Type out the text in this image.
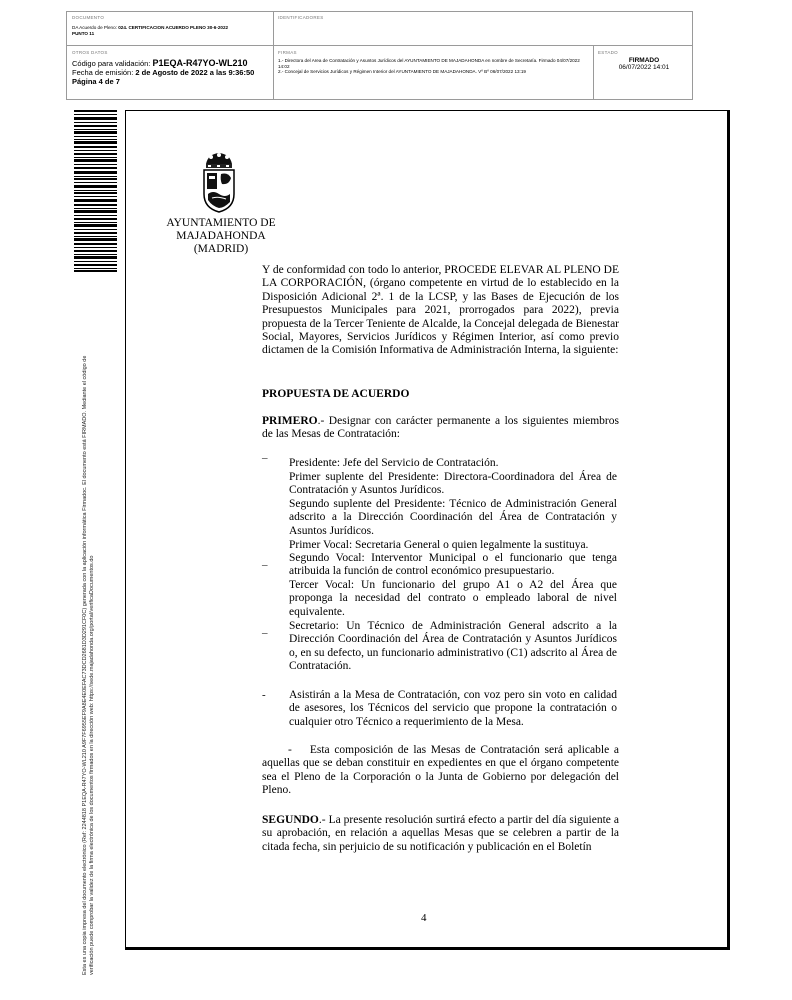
DOCUMENTO
DA Acuerdo de Pleno: 024. CERTIFICACION ACUERDO PLENO 30-6-2022
PUNTO 11
IDENTIFICADORES
OTROS DATOS
Código para validación: P1EQA-R47YO-WL210
Fecha de emisión: 2 de Agosto de 2022 a las 9:36:50
Página 4 de 7
FIRMAS
1.- Directora del Area de Contratación y Asuntos Jurídicos del AYUNTAMIENTO DE MAJADAHONDA en nombre de Secretaría. Firmado 04/07/2022 14:02
2.- Concejal de Servicios Jurídicos y Régimen Interior del AYUNTAMIENTO DE MAJADAHONDA. Vº Bº 06/07/2022 13:19
ESTADO
FIRMADO
06/07/2022 14:01
Esta es una copia impresa del documento electrónico (Ref: 2244818 P1EQA-R47YO-WL210 A9F7F6955EF9A8E4E0EFAC73DCD2681D3D291CF0C) generada con la aplicación informática Firmadoc. El documento está FIRMADO. Mediante el código de verificación puede comprobar la validez de la firma electrónica de los documentos firmados en la dirección web: https://sede.majadahonda.org/portal/verificaDocumentos.do
AYUNTAMIENTO DE
MAJADAHONDA
(MADRID)
Y de conformidad con todo lo anterior, PROCEDE ELEVAR AL PLENO DE LA CORPORACIÓN, (órgano competente en virtud de lo establecido en la Disposición Adicional 2ª. 1 de la LCSP, y las Bases de Ejecución de los Presupuestos Municipales para 2021, prorrogados para 2022), previa propuesta de la Tercer Teniente de Alcalde, la Concejal delegada de Bienestar Social, Mayores, Servicios Jurídicos y Régimen Interior, así como previo dictamen de la Comisión Informativa de Administración Interna, la siguiente:
PROPUESTA DE ACUERDO
PRIMERO.- Designar con carácter permanente a los siguientes miembros de las Mesas de Contratación:
_
Presidente: Jefe del Servicio de Contratación.
Primer suplente del Presidente: Directora-Coordinadora del Área de Contratación y Asuntos Jurídicos.
Segundo suplente del Presidente: Técnico de Administración General adscrito a la Dirección Coordinación del Área de Contratación y Asuntos Jurídicos.
Primer Vocal: Secretaria General o quien legalmente la sustituya.
_ Segundo Vocal: Interventor Municipal o el funcionario que tenga atribuida la función de control económico presupuestario.
Tercer Vocal: Un funcionario del grupo A1 o A2 del Área que proponga la necesidad del contrato o empleado laboral de nivel equivalente.
_ Secretario: Un Técnico de Administración General adscrito a la Dirección Coordinación del Área de Contratación y Asuntos Jurídicos o, en su defecto, un funcionario administrativo (C1) adscrito al Área de Contratación.
- Asistirán a la Mesa de Contratación, con voz pero sin voto en calidad de asesores, los Técnicos del servicio que propone la contratación o cualquier otro Técnico a requerimiento de la Mesa.
- Esta composición de las Mesas de Contratación será aplicable a aquellas que se deban constituir en expedientes en que el órgano competente sea el Pleno de la Corporación o la Junta de Gobierno por delegación del Pleno.
SEGUNDO.- La presente resolución surtirá efecto a partir del día siguiente a su aprobación, en relación a aquellas Mesas que se celebren a partir de la citada fecha, sin perjuicio de su notificación y publicación en el Boletín
4
